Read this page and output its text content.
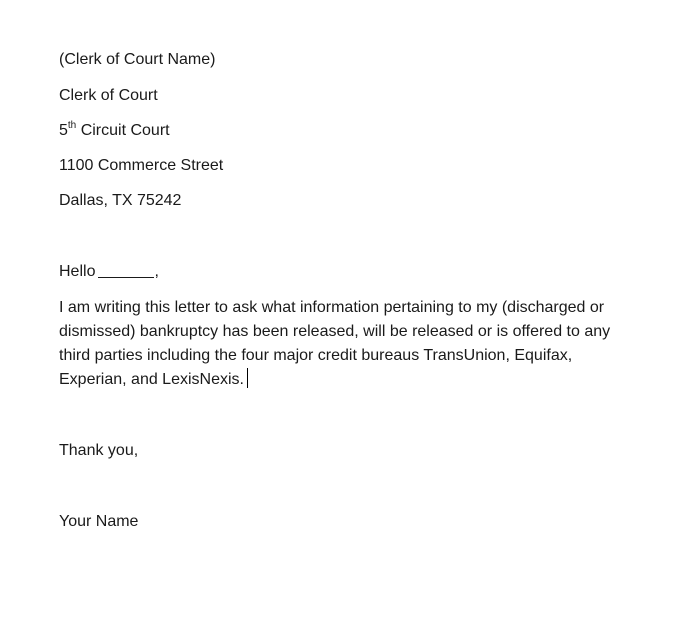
(Clerk of Court Name)
Clerk of Court
5th Circuit Court
1100 Commerce Street
Dallas, TX 75242
Hello	,
I am writing this letter to ask what information pertaining to my (discharged or
dismissed) bankruptcy has been released, will be released or is offered to any
third parties including the four major credit bureaus TransUnion, Equifax,
Experian, and LexisNexis.
Thank you,
Your Name
